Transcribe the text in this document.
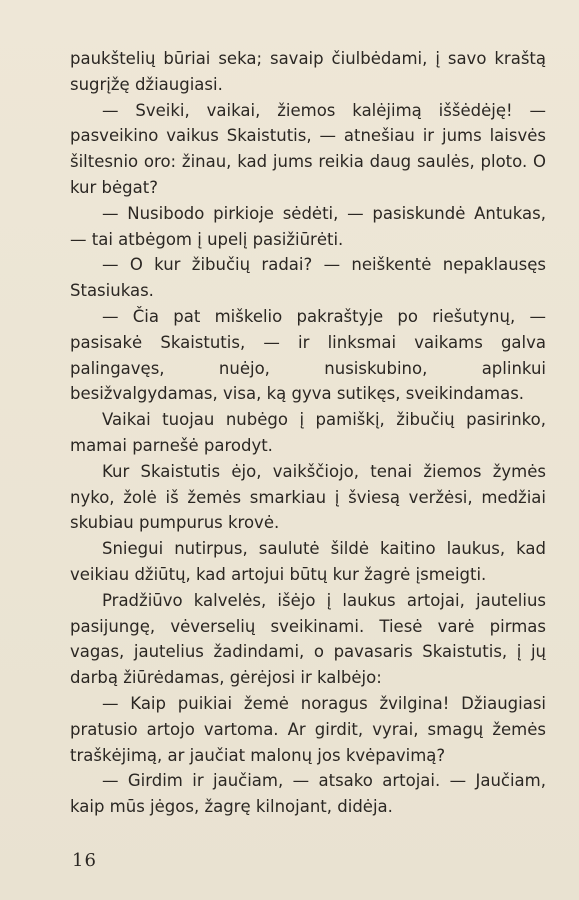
paukštelių būriai seka; savaip čiulbėdami, į savo kraštą sugrįžę džiaugiasi.

— Sveiki, vaikai, žiemos kalėjimą iššėdėję! — pasveikino vaikus Skaistutis, — atnešiau ir jums laisvės šiltesnio oro: žinau, kad jums reikia daug saulės, ploto. O kur bėgat?

— Nusibodo pirkioje sėdėti, — pasiskundė Antukas, — tai atbėgom į upelį pasižiūrėti.

— O kur žibučių radai? — neiškentė nepaklausęs Stasiukas.

— Čia pat miškelio pakraštyje po riešutynų, — pasisakė Skaistutis, — ir linksmai vaikams galva palingavęs, nuėjo, nusiskubino, aplinkui besižvalgydamas, visa, ką gyva sutikęs, sveikindamas.

Vaikai tuojau nubėgo į pamiškį, žibučių pasirinko, mamai parnešė parodyt.

Kur Skaistutis ėjo, vaikščiojo, tenai žiemos žymės nyko, žolė iš žemės smarkiau į šviesą veržėsi, medžiai skubiau pumpurus krovė.

Sniegui nutirpus, saulutė šildė kaitino laukus, kad veikiau džiūtų, kad artojui būtų kur žagrė įsmeigti.

Pradžiūvo kalvelės, išėjo į laukus artojai, jautelius pasijungę, vėverselių sveikinami. Tiesė varė pirmas vagas, jautelius žadindami, o pavasaris Skaistutis, į jų darbą žiūrėdamas, gėrėjosi ir kalbėjo:

— Kaip puikiai žemė noragus žvilgina! Džiaugiasi pratusio artojo vartoma. Ar girdit, vyrai, smagų žemės traškėjimą, ar jaučiat malonų jos kvėpavimą?

— Girdim ir jaučiam, — atsako artojai. — Jaučiam, kaip mūs jėgos, žagrę kilnojant, didėja.

16
